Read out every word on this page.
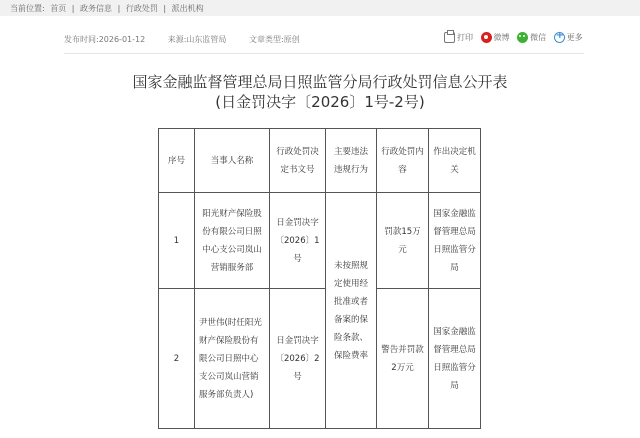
当前位置: 首页 | 政务信息 | 行政处罚 | 派出机构
发布时间:2026-01-12	来源:山东监管局	文章类型:原创	打印
	微博
	微信
+	更多
国家金融监督管理总局日照监管分局行政处罚信息公开表
(日金罚决字〔2026〕1号-2号)
序号	当事人名称	行政处罚决定书文号	主要违法违规行为	行政处罚内容	作出决定机关
1	阳光财产保险股份有限公司日照中心支公司岚山营销服务部	日金罚决字〔2026〕1号	未按照规定使用经批准或者备案的保险条款、保险费率	罚款15万元	国家金融监督管理总局日照监管分局
2	尹世伟(时任阳光财产保险股份有限公司日照中心支公司岚山营销服务部负责人)	日金罚决字〔2026〕2号		警告并罚款2万元	国家金融监督管理总局日照监管分局
